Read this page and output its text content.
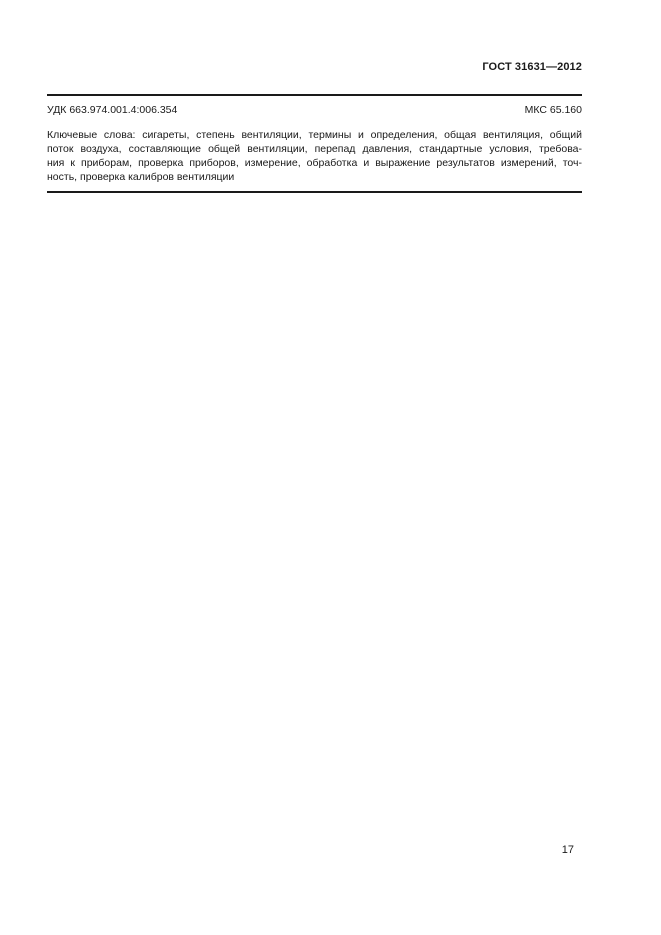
ГОСТ 31631—2012
УДК 663.974.001.4:006.354	МКС 65.160
Ключевые слова: сигареты, степень вентиляции, термины и определения, общая вентиляция, общий
поток воздуха, составляющие общей вентиляции, перепад давления, стандартные условия, требова-
ния к приборам, проверка приборов, измерение, обработка и выражение результатов измерений, точ-
ность, проверка калибров вентиляции
17
